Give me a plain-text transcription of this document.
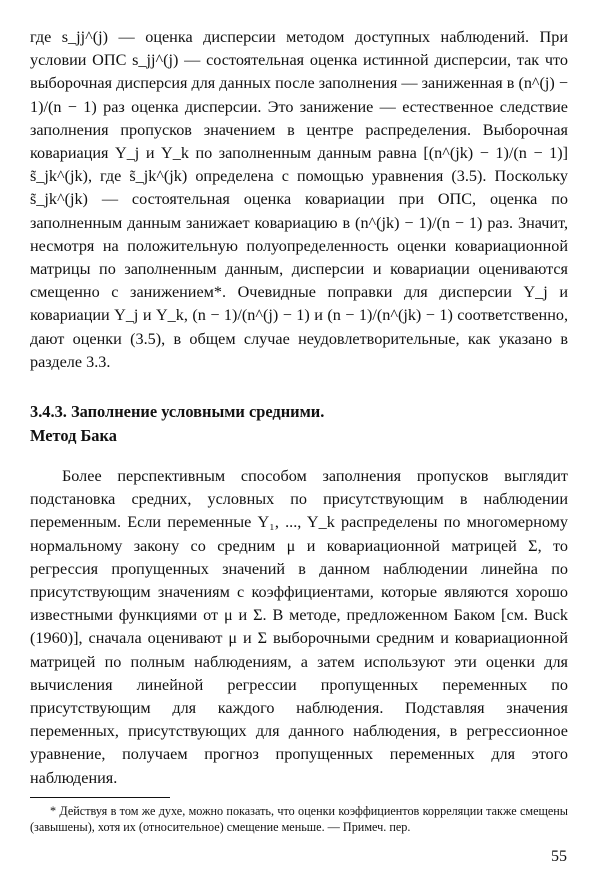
где s_jj^(j) — оценка дисперсии методом доступных наблюдений. При условии ОПС s_jj^(j) — состоятельная оценка истинной дисперсии, так что выборочная дисперсия для данных после заполнения — заниженная в (n^(j) − 1)/(n − 1) раз оценка дисперсии. Это занижение — естественное следствие заполнения пропусков значением в центре распределения. Выборочная ковариация Y_j и Y_k по заполненным данным равна [(n^(jk) − 1)/(n − 1)] s̃_jk^(jk), где s̃_jk^(jk) определена с помощью уравнения (3.5). Поскольку s̃_jk^(jk) — состоятельная оценка ковариации при ОПС, оценка по заполненным данным занижает ковариацию в (n^(jk) − 1)/(n − 1) раз. Значит, несмотря на положительную полуопределенность оценки ковариационной матрицы по заполненным данным, дисперсии и ковариации оцениваются смещенно с занижением*. Очевидные поправки для дисперсии Y_j и ковариации Y_j и Y_k, (n − 1)/(n^(j) − 1) и (n − 1)/(n^(jk) − 1) соответственно, дают оценки (3.5), в общем случае неудовлетворительные, как указано в разделе 3.3.

3.4.3. Заполнение условными средними.

Метод Бака

Более перспективным способом заполнения пропусков выглядит подстановка средних, условных по присутствующим в наблюдении переменным. Если переменные Y₁, ..., Y_k распределены по многомерному нормальному закону со средним μ и ковариационной матрицей Σ, то регрессия пропущенных значений в данном наблюдении линейна по присутствующим значениям с коэффициентами, которые являются хорошо известными функциями от μ и Σ. В методе, предложенном Баком [см. Buck (1960)], сначала оценивают μ и Σ выборочными средним и ковариационной матрицей по полным наблюдениям, а затем используют эти оценки для вычисления линейной регрессии пропущенных переменных по присутствующим для каждого наблюдения. Подставляя значения переменных, присутствующих для данного наблюдения, в регрессионное уравнение, получаем прогноз пропущенных переменных для этого наблюдения.

* Действуя в том же духе, можно показать, что оценки коэффициентов корреляции также смещены (завышены), хотя их (относительное) смещение меньше. — Примеч. пер.

55
